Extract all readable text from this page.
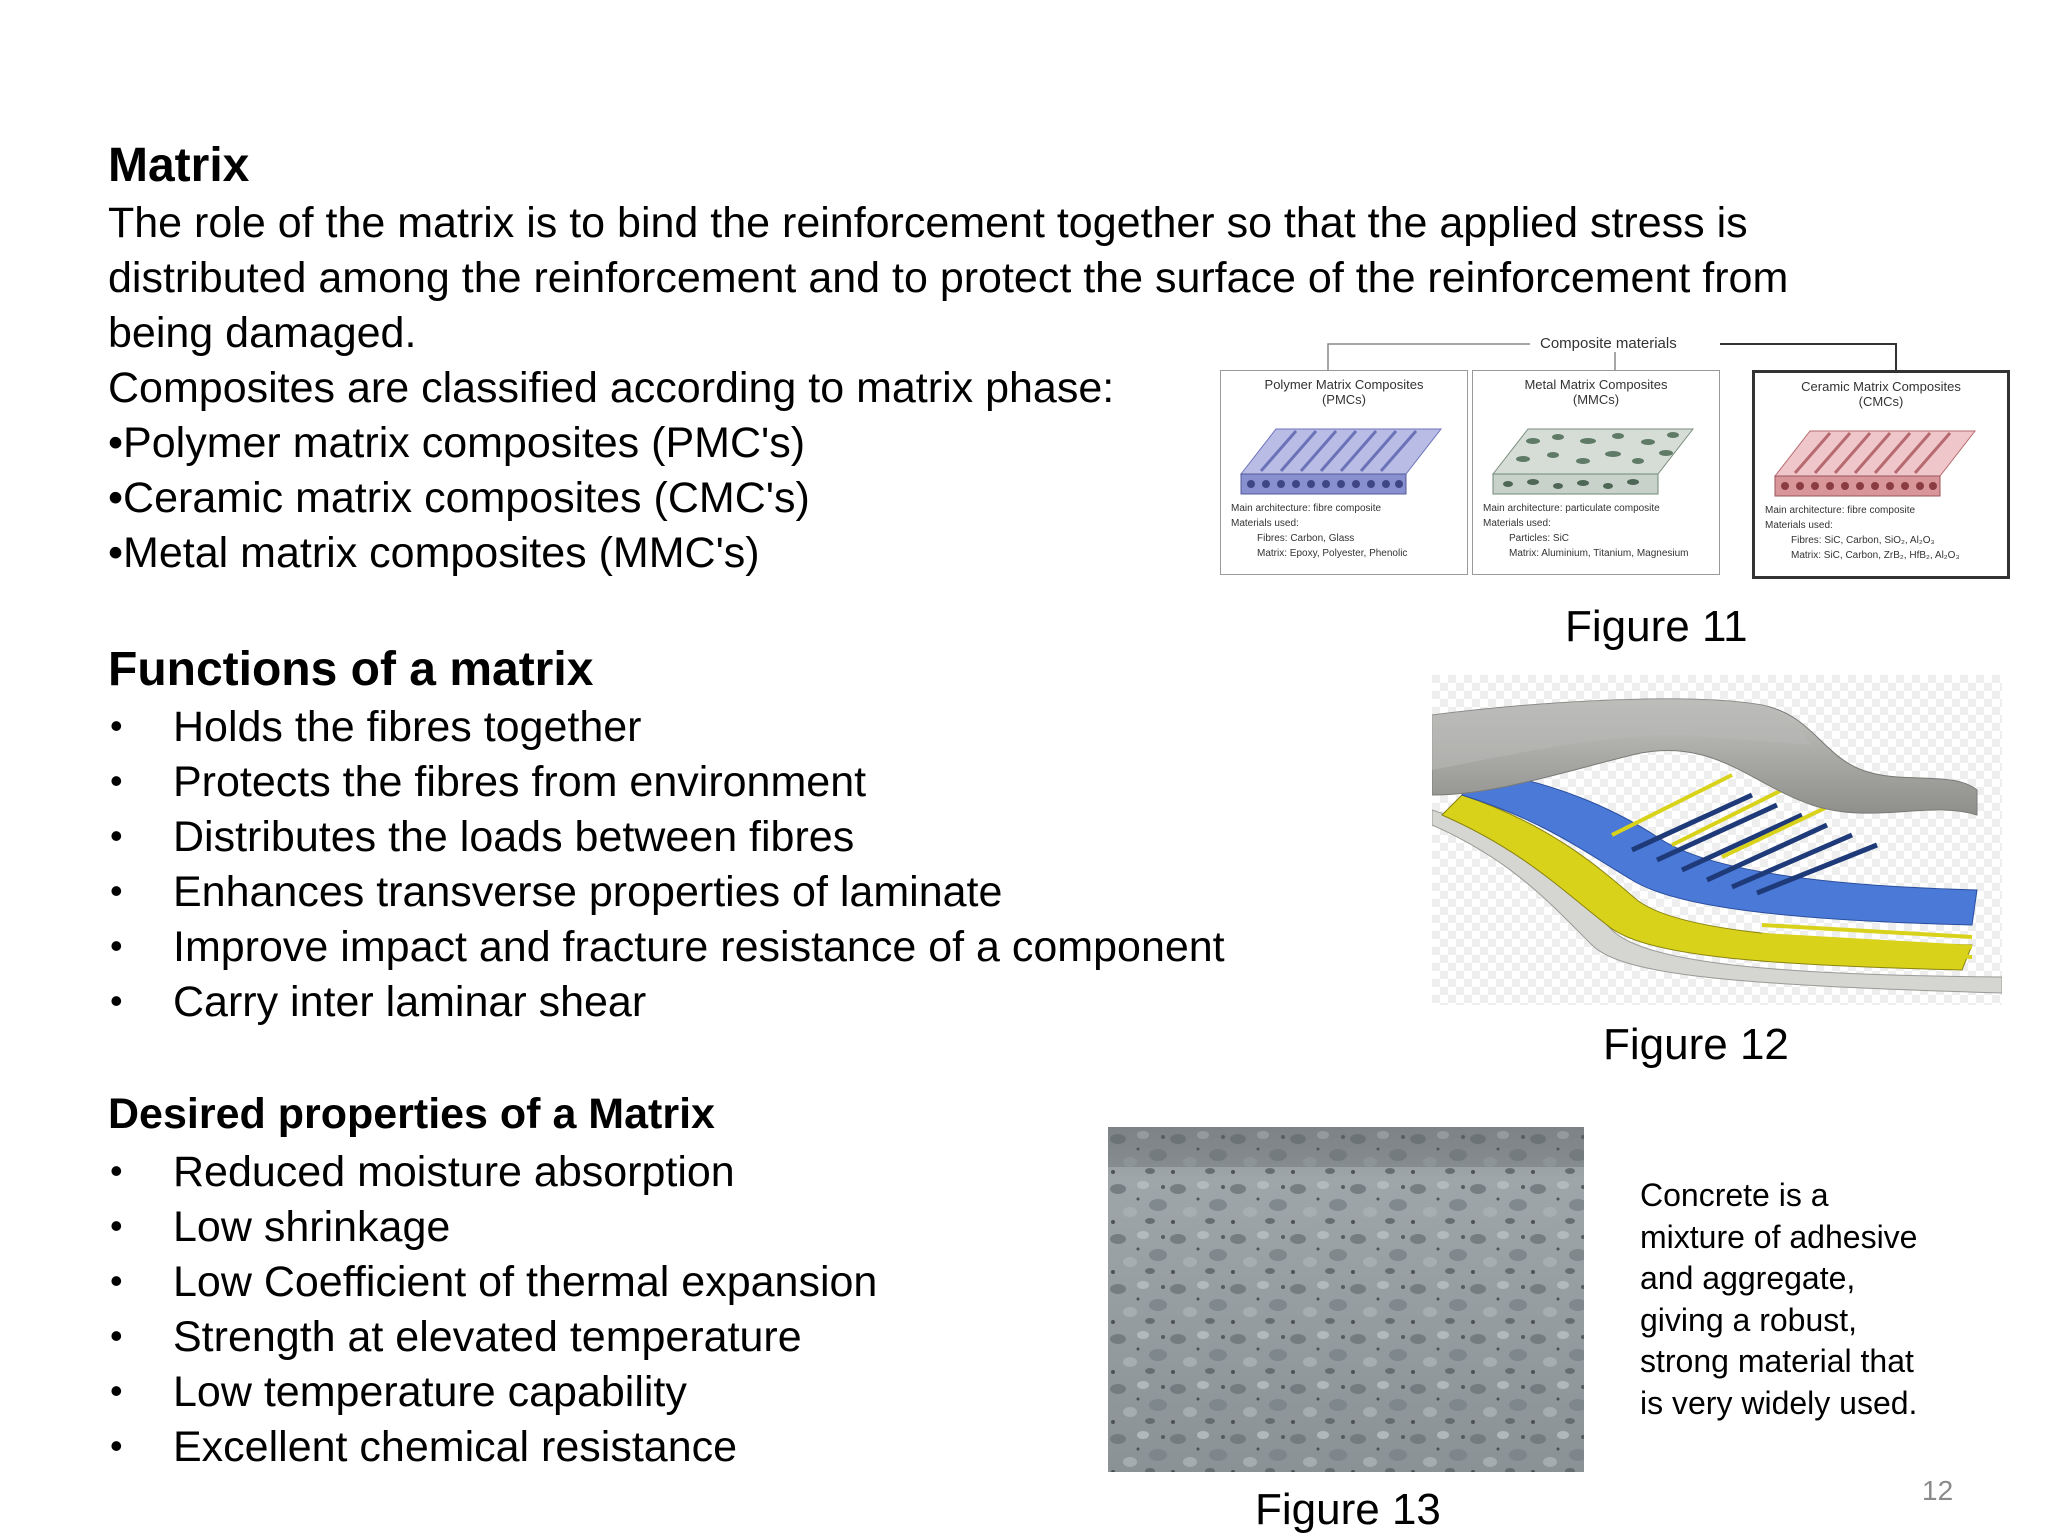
Matrix

The role of the matrix is to bind the reinforcement together so that the applied stress is

distributed among the reinforcement and to protect the surface of the reinforcement from

being damaged.

Composites are classified according to matrix phase:

•Polymer matrix composites (PMC's)

•Ceramic matrix composites (CMC's)

•Metal matrix composites (MMC's)

Functions of a matrix
• Holds the fibres together
• Protects the fibres from environment
• Distributes the loads between fibres
• Enhances transverse properties of laminate
• Improve impact and fracture resistance of a component
• Carry inter laminar shear
Desired properties of a Matrix
• Reduced moisture absorption
• Low shrinkage
• Low Coefficient of thermal expansion
• Strength at elevated temperature
• Low temperature capability
• Excellent chemical resistance
Composite materials
Polymer Matrix Composites
(PMCs)

Main architecture: fibre composite

Materials used:

Fibres: Carbon, Glass

Matrix: Epoxy, Polyester, Phenolic

Metal Matrix Composites
(MMCs)

Main architecture: particulate composite

Materials used:

Particles: SiC

Matrix: Aluminium, Titanium, Magnesium

Ceramic Matrix Composites
(CMCs)

Main architecture: fibre composite

Materials used:

Fibres: SiC, Carbon, SiO₂, Al₂O₃

Matrix: SiC, Carbon, ZrB₂, HfB₂, Al₂O₃

Figure 11
Figure 12
Figure 13
Concrete is a
mixture of adhesive
and aggregate,
giving a robust,
strong material that
is very widely used.
12
